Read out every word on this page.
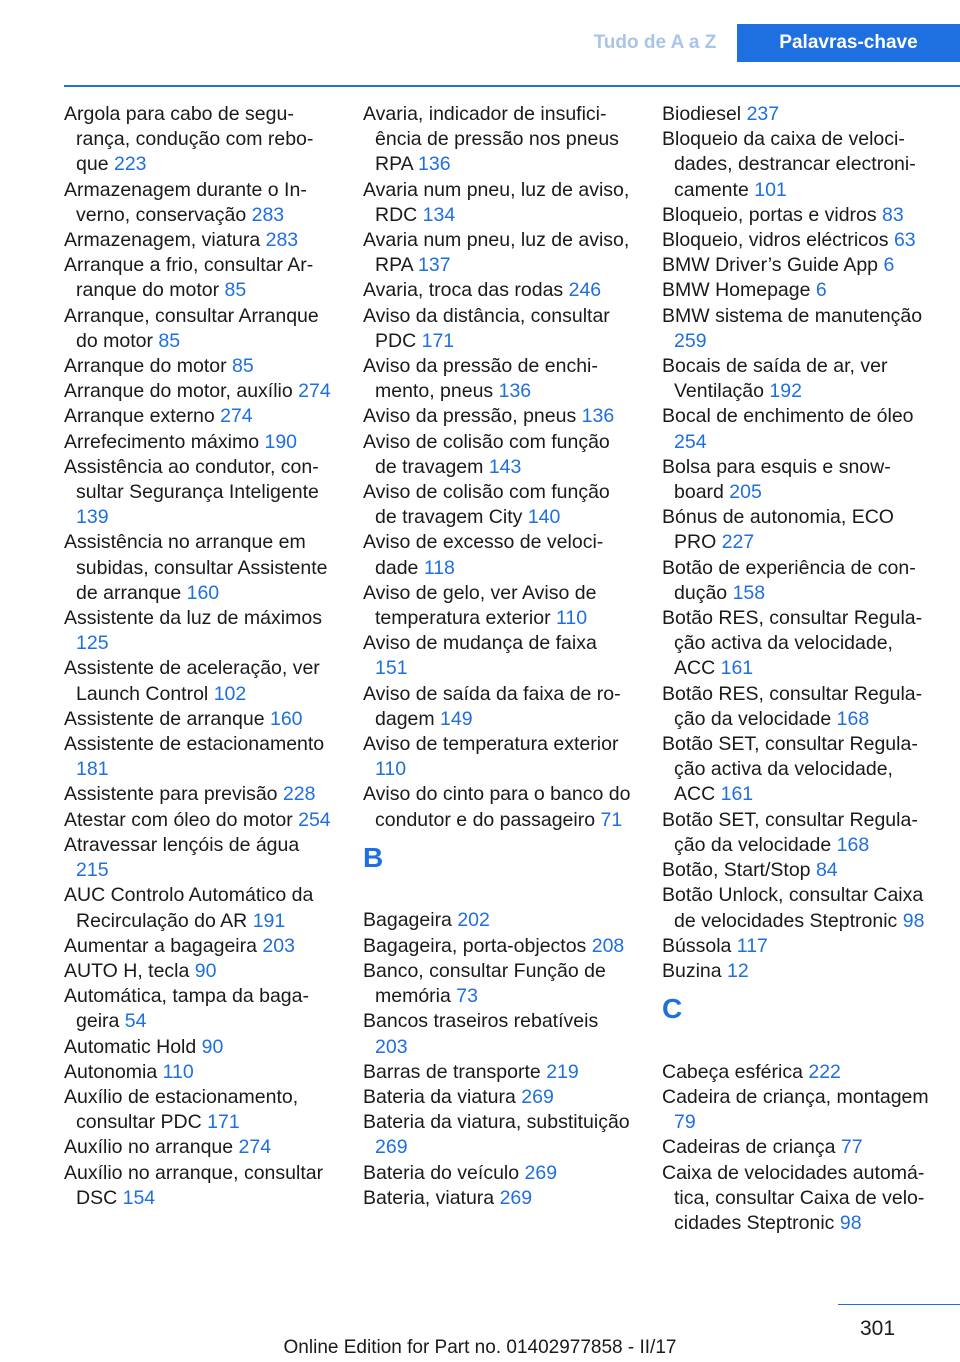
Tudo de A a Z	Palavras-chave
Argola para cabo de segurança, condução com reboque 223
Armazenagem durante o Inverno, conservação 283
Armazenagem, viatura 283
Arranque a frio, consultar Arranque do motor 85
Arranque, consultar Arranque do motor 85
Arranque do motor 85
Arranque do motor, auxílio 274
Arranque externo 274
Arrefecimento máximo 190
Assistência ao condutor, consultar Segurança Inteligente 139
Assistência no arranque em subidas, consultar Assistente de arranque 160
Assistente da luz de máximos 125
Assistente de aceleração, ver Launch Control 102
Assistente de arranque 160
Assistente de estacionamento 181
Assistente para previsão 228
Atestar com óleo do motor 254
Atravessar lençóis de água 215
AUC Controlo Automático da Recirculação do AR 191
Aumentar a bagageira 203
AUTO H, tecla 90
Automática, tampa da bagageira 54
Automatic Hold 90
Autonomia 110
Auxílio de estacionamento, consultar PDC 171
Auxílio no arranque 274
Auxílio no arranque, consultar DSC 154
Avaria, indicador de insuficiência de pressão nos pneus RPA 136
Avaria num pneu, luz de aviso, RDC 134
Avaria num pneu, luz de aviso, RPA 137
Avaria, troca das rodas 246
Aviso da distância, consultar PDC 171
Aviso da pressão de enchimento, pneus 136
Aviso da pressão, pneus 136
Aviso de colisão com função de travagem 143
Aviso de colisão com função de travagem City 140
Aviso de excesso de velocidade 118
Aviso de gelo, ver Aviso de temperatura exterior 110
Aviso de mudança de faixa 151
Aviso de saída da faixa de rodagem 149
Aviso de temperatura exterior 110
Aviso do cinto para o banco do condutor e do passageiro 71
B
Bagageira 202
Bagageira, porta-objectos 208
Banco, consultar Função de memória 73
Bancos traseiros rebatíveis 203
Barras de transporte 219
Bateria da viatura 269
Bateria da viatura, substituição 269
Bateria do veículo 269
Bateria, viatura 269
Biodiesel 237
Bloqueio da caixa de velocidades, destrancar electronicamente 101
Bloqueio, portas e vidros 83
Bloqueio, vidros eléctricos 63
BMW Driver’s Guide App 6
BMW Homepage 6
BMW sistema de manutenção 259
Bocais de saída de ar, ver Ventilação 192
Bocal de enchimento de óleo 254
Bolsa para esquis e snowboard 205
Bónus de autonomia, ECO PRO 227
Botão de experiência de condução 158
Botão RES, consultar Regulação activa da velocidade, ACC 161
Botão RES, consultar Regulação da velocidade 168
Botão SET, consultar Regulação activa da velocidade, ACC 161
Botão SET, consultar Regulação da velocidade 168
Botão, Start/Stop 84
Botão Unlock, consultar Caixa de velocidades Steptronic 98
Bússola 117
Buzina 12
C
Cabeça esférica 222
Cadeira de criança, montagem 79
Cadeiras de criança 77
Caixa de velocidades automática, consultar Caixa de velocidades Steptronic 98
301
Online Edition for Part no. 01402977858 - II/17
